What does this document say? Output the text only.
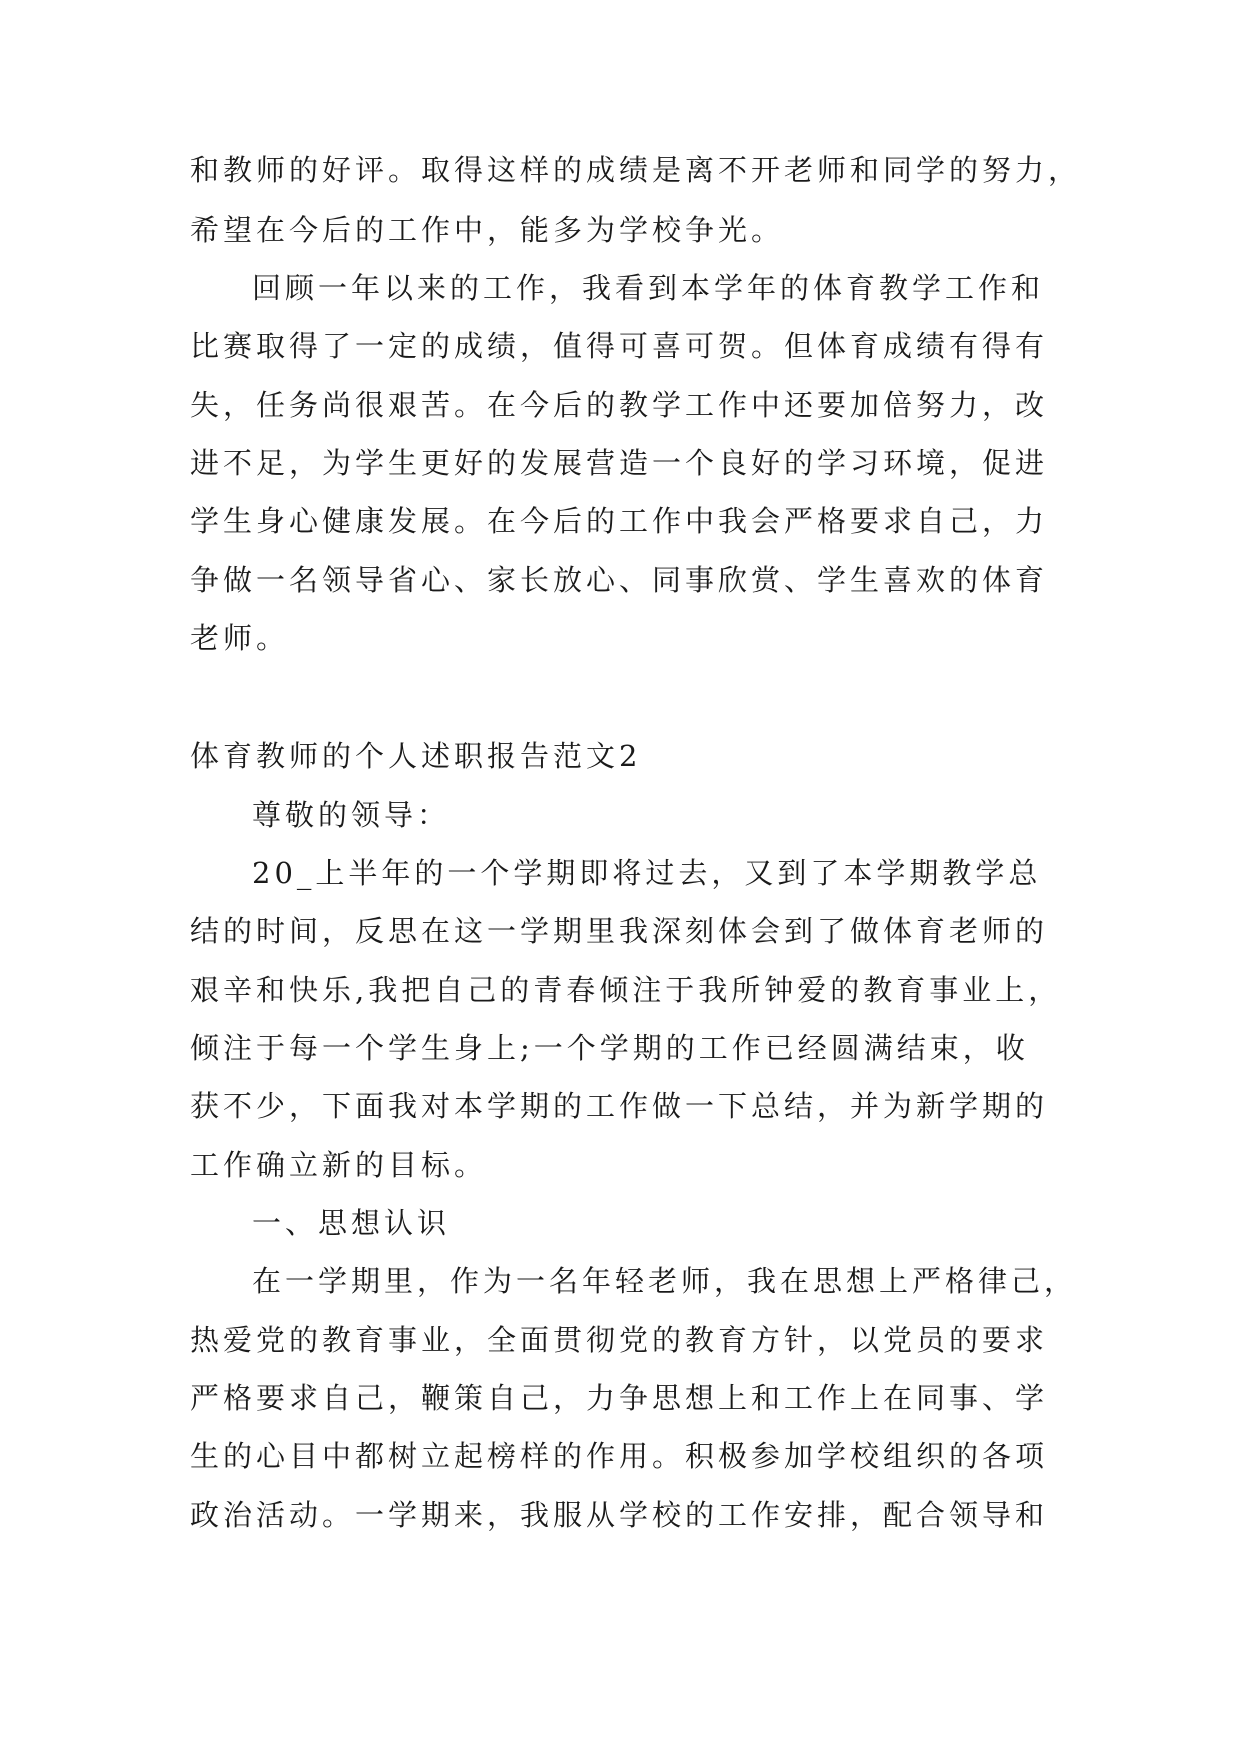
和教师的好评。取得这样的成绩是离不开老师和同学的努力，
希望在今后的工作中，能多为学校争光。
回顾一年以来的工作，我看到本学年的体育教学工作和
比赛取得了一定的成绩，值得可喜可贺。但体育成绩有得有
失，任务尚很艰苦。在今后的教学工作中还要加倍努力，改
进不足，为学生更好的发展营造一个良好的学习环境，促进
学生身心健康发展。在今后的工作中我会严格要求自己，力
争做一名领导省心、家长放心、同事欣赏、学生喜欢的体育
老师。
体育教师的个人述职报告范文2
尊敬的领导：
20_上半年的一个学期即将过去，又到了本学期教学总
结的时间，反思在这一学期里我深刻体会到了做体育老师的
艰辛和快乐,我把自己的青春倾注于我所钟爱的教育事业上，
倾注于每一个学生身上;一个学期的工作已经圆满结束，收
获不少，下面我对本学期的工作做一下总结，并为新学期的
工作确立新的目标。
一、思想认识
在一学期里，作为一名年轻老师，我在思想上严格律己，
热爱党的教育事业，全面贯彻党的教育方针，以党员的要求
严格要求自己，鞭策自己，力争思想上和工作上在同事、学
生的心目中都树立起榜样的作用。积极参加学校组织的各项
政治活动。一学期来，我服从学校的工作安排，配合领导和
